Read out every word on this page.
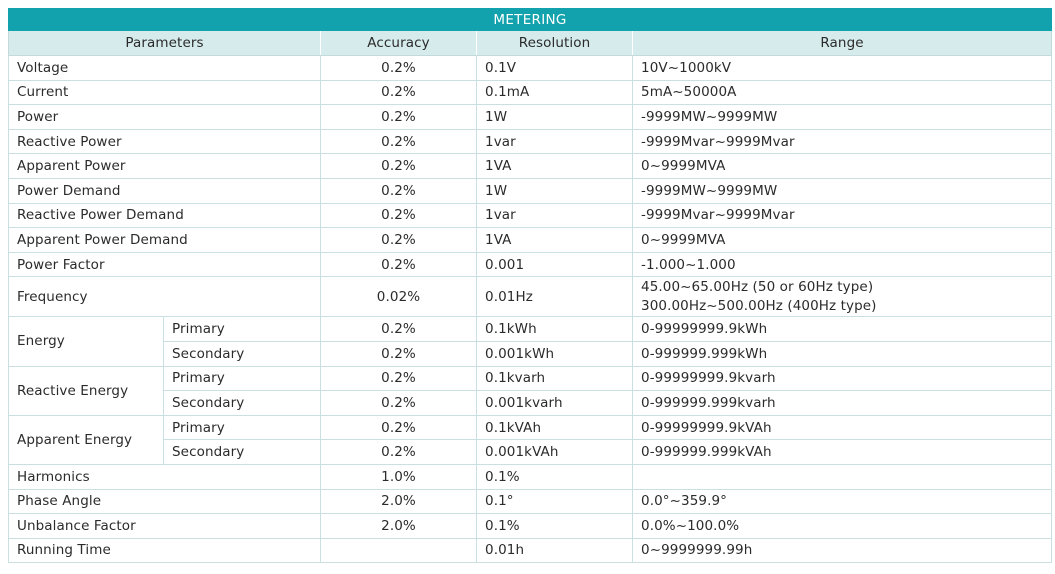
METERING				
Parameters		Accuracy	Resolution	Range
Voltage		0.2%	0.1V	10V~1000kV
Current		0.2%	0.1mA	5mA~50000A
Power		0.2%	1W	-9999MW~9999MW
Reactive Power		0.2%	1var	-9999Mvar~9999Mvar
Apparent Power		0.2%	1VA	0~9999MVA
Power Demand		0.2%	1W	-9999MW~9999MW
Reactive Power Demand		0.2%	1var	-9999Mvar~9999Mvar
Apparent Power Demand		0.2%	1VA	0~9999MVA
Power Factor		0.2%	0.001	-1.000~1.000
Frequency		0.02%	0.01Hz	45.00~65.00Hz (50 or 60Hz type)
300.00Hz~500.00Hz (400Hz type)

Energy	Primary	0.2%	0.1kWh	0-99999999.9kWh
	Secondary	0.2%	0.001kWh	0-999999.999kWh
Reactive Energy	Primary	0.2%	0.1kvarh	0-99999999.9kvarh
	Secondary	0.2%	0.001kvarh	0-999999.999kvarh
Apparent Energy	Primary	0.2%	0.1kVAh	0-99999999.9kVAh
	Secondary	0.2%	0.001kVAh	0-999999.999kVAh
Harmonics		1.0%	0.1%	
Phase Angle		2.0%	0.1°	0.0°~359.9°
Unbalance Factor		2.0%	0.1%	0.0%~100.0%
Running Time			0.01h	0~9999999.99h
